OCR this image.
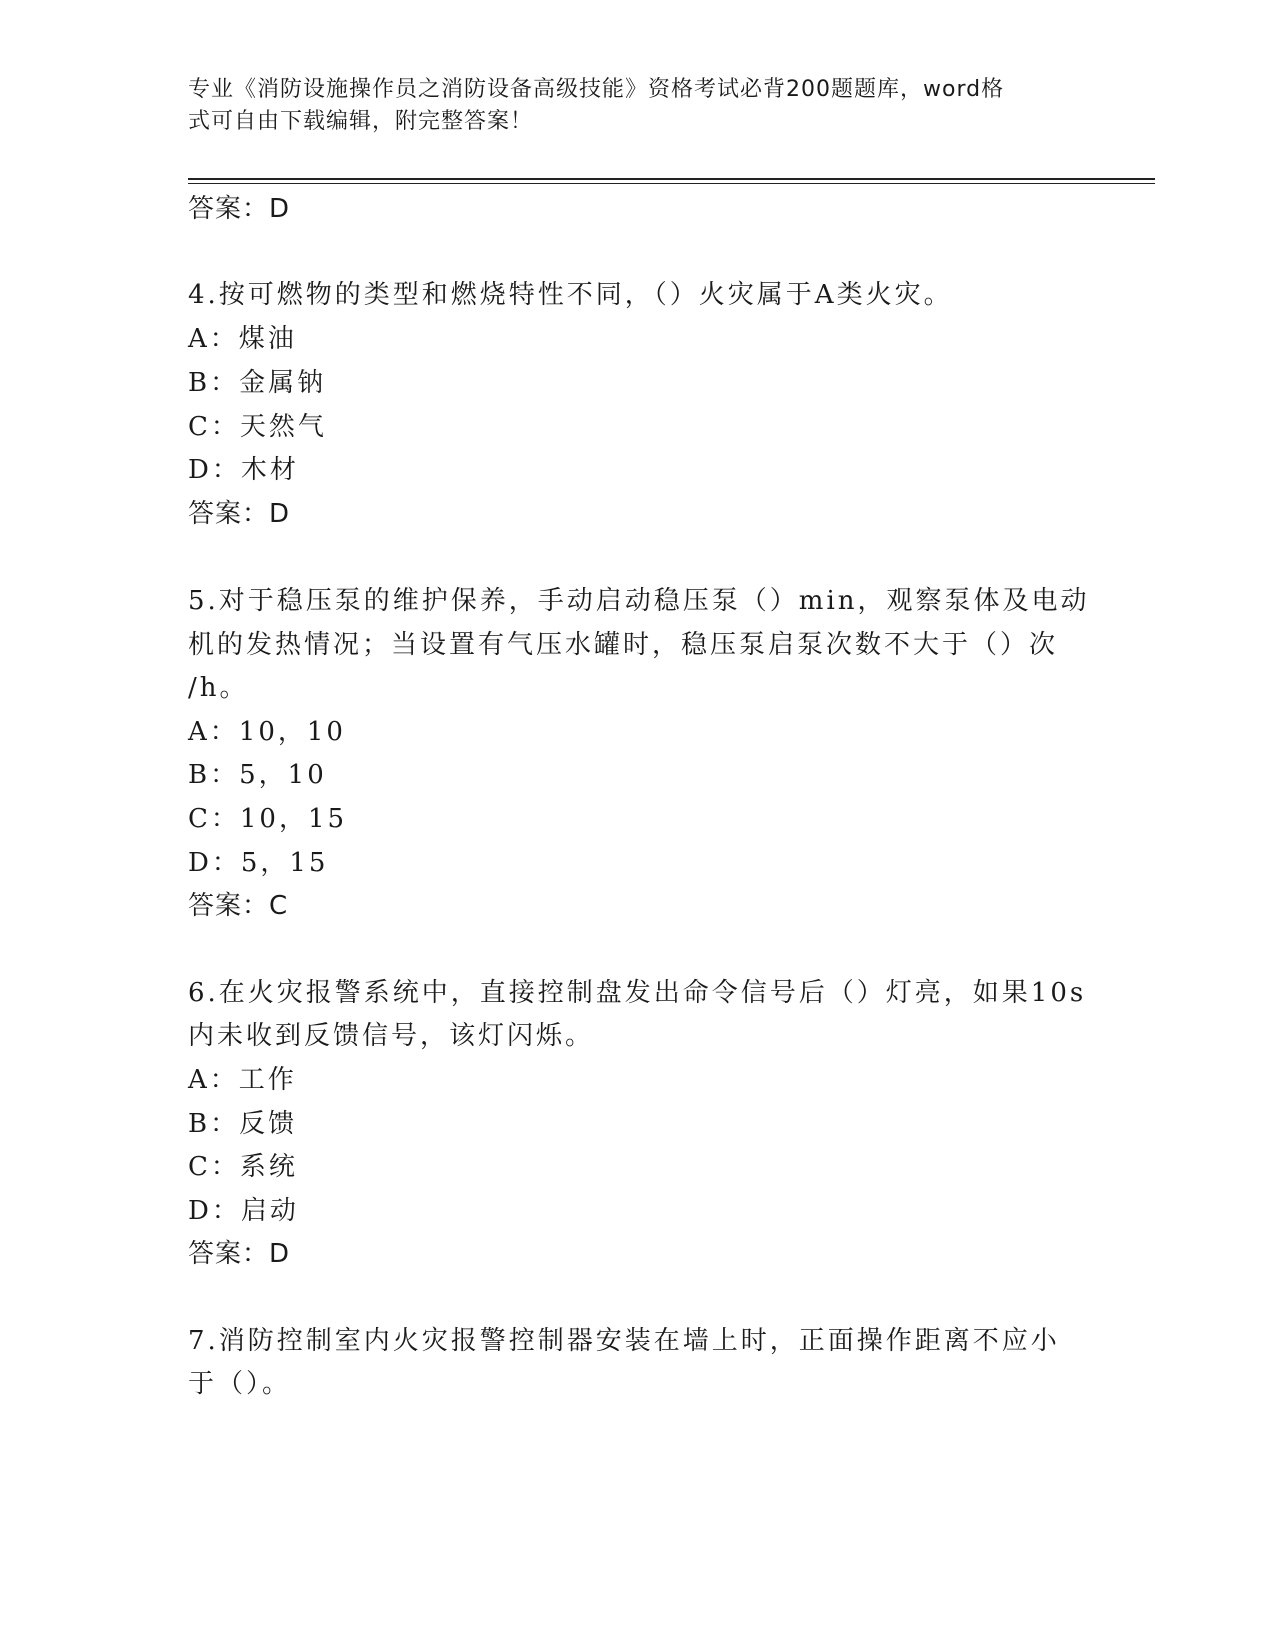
专业《消防设施操作员之消防设备高级技能》资格考试必背200题题库，word格
式可自由下载编辑，附完整答案！
答案：D
4.按可燃物的类型和燃烧特性不同，（）火灾属于A类火灾。
A：煤油
B：金属钠
C：天然气
D：木材
答案：D
5.对于稳压泵的维护保养，手动启动稳压泵（）min，观察泵体及电动
机的发热情况；当设置有气压水罐时，稳压泵启泵次数不大于（）次
/h。
A：10，10
B：5，10
C：10，15
D：5，15
答案：C
6.在火灾报警系统中，直接控制盘发出命令信号后（）灯亮，如果10s
内未收到反馈信号，该灯闪烁。
A：工作
B：反馈
C：系统
D：启动
答案：D
7.消防控制室内火灾报警控制器安装在墙上时，正面操作距离不应小
于（）。
